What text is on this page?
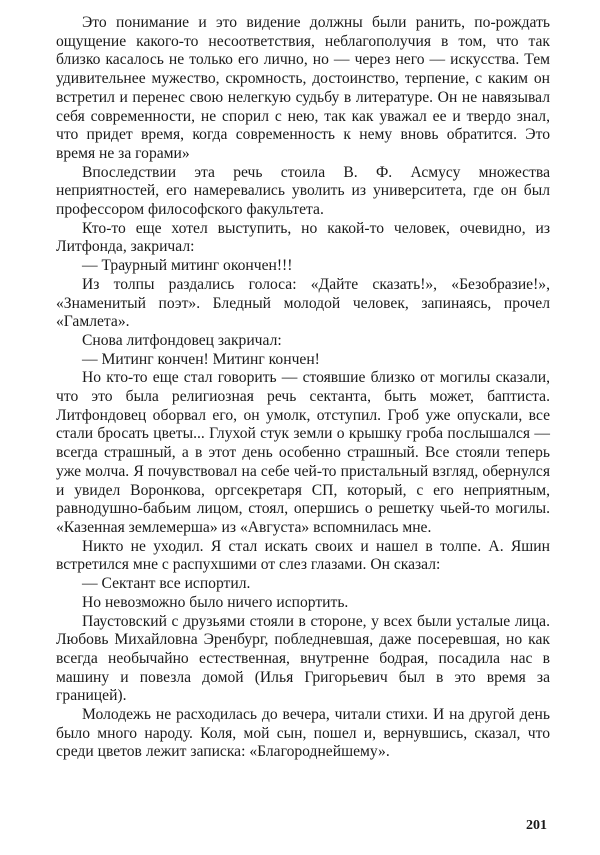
Это понимание и это видение должны были ранить, по-рождать ощущение какого-то несоответствия, неблагополучия в том, что так близко касалось не только его лично, но — через него — искусства. Тем удивительнее мужество, скромность, достоинство, терпение, с каким он встретил и перенес свою нелегкую судьбу в литературе. Он не навязывал себя современности, не спорил с нею, так как уважал ее и твердо знал, что придет время, когда современность к нему вновь обратится. Это время не за горами»

Впоследствии эта речь стоила В. Ф. Асмусу множества неприятностей, его намеревались уволить из университета, где он был профессором философского факультета.

Кто-то еще хотел выступить, но какой-то человек, очевидно, из Литфонда, закричал:

— Траурный митинг окончен!!!

Из толпы раздались голоса: «Дайте сказать!», «Безобразие!», «Знаменитый поэт». Бледный молодой человек, запинаясь, прочел «Гамлета».

Снова литфондовец закричал:

— Митинг кончен! Митинг кончен!

Но кто-то еще стал говорить — стоявшие близко от могилы сказали, что это была религиозная речь сектанта, быть может, баптиста. Литфондовец оборвал его, он умолк, отступил. Гроб уже опускали, все стали бросать цветы... Глухой стук земли о крышку гроба послышался — всегда страшный, а в этот день особенно страшный. Все стояли теперь уже молча. Я почувствовал на себе чей-то пристальный взгляд, обернулся и увидел Воронкова, оргсекретаря СП, который, с его неприятным, равнодушно-бабьим лицом, стоял, опершись о решетку чьей-то могилы. «Казенная землемерша» из «Августа» вспомнилась мне.

Никто не уходил. Я стал искать своих и нашел в толпе. А. Яшин встретился мне с распухшими от слез глазами. Он сказал:

— Сектант все испортил.

Но невозможно было ничего испортить.

Паустовский с друзьями стояли в стороне, у всех были усталые лица. Любовь Михайловна Эренбург, побледневшая, даже посеревшая, но как всегда необычайно естественная, внутренне бодрая, посадила нас в машину и повезла домой (Илья Григорьевич был в это время за границей).

Молодежь не расходилась до вечера, читали стихи. И на другой день было много народу. Коля, мой сын, пошел и, вернувшись, сказал, что среди цветов лежит записка: «Благороднейшему».

201
